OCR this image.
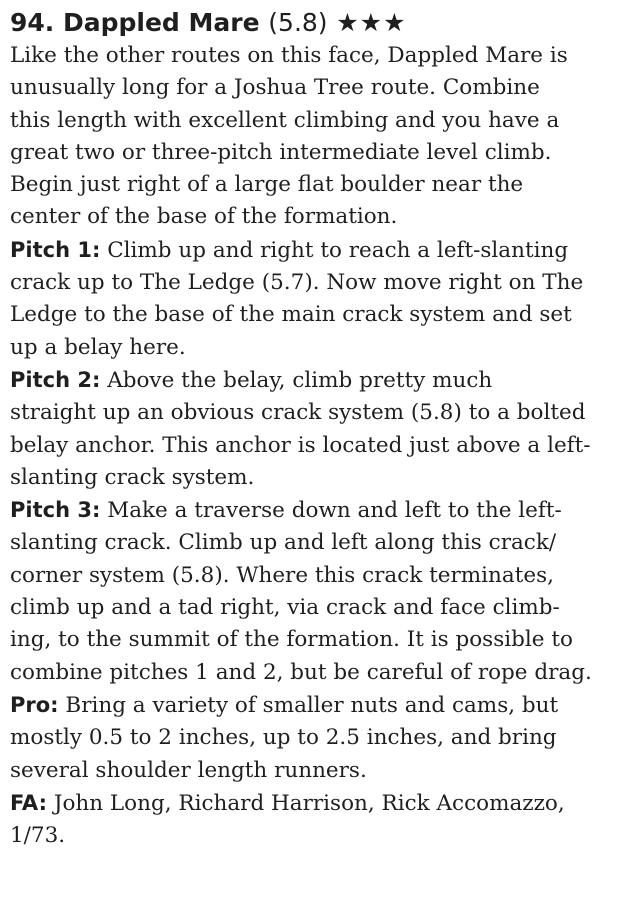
94. Dappled Mare (5.8) ★★★
Like the other routes on this face, Dappled Mare is
unusually long for a Joshua Tree route. Combine
this length with excellent climbing and you have a
great two or three-pitch intermediate level climb.
Begin just right of a large flat boulder near the
center of the base of the formation.
Pitch 1: Climb up and right to reach a left-slanting
crack up to The Ledge (5.7). Now move right on The
Ledge to the base of the main crack system and set
up a belay here.
Pitch 2: Above the belay, climb pretty much
straight up an obvious crack system (5.8) to a bolted
belay anchor. This anchor is located just above a left-
slanting crack system.
Pitch 3: Make a traverse down and left to the left-
slanting crack. Climb up and left along this crack/
corner system (5.8). Where this crack terminates,
climb up and a tad right, via crack and face climb-
ing, to the summit of the formation. It is possible to
combine pitches 1 and 2, but be careful of rope drag.
Pro: Bring a variety of smaller nuts and cams, but
mostly 0.5 to 2 inches, up to 2.5 inches, and bring
several shoulder length runners.
FA: John Long, Richard Harrison, Rick Accomazzo,
1/73.
